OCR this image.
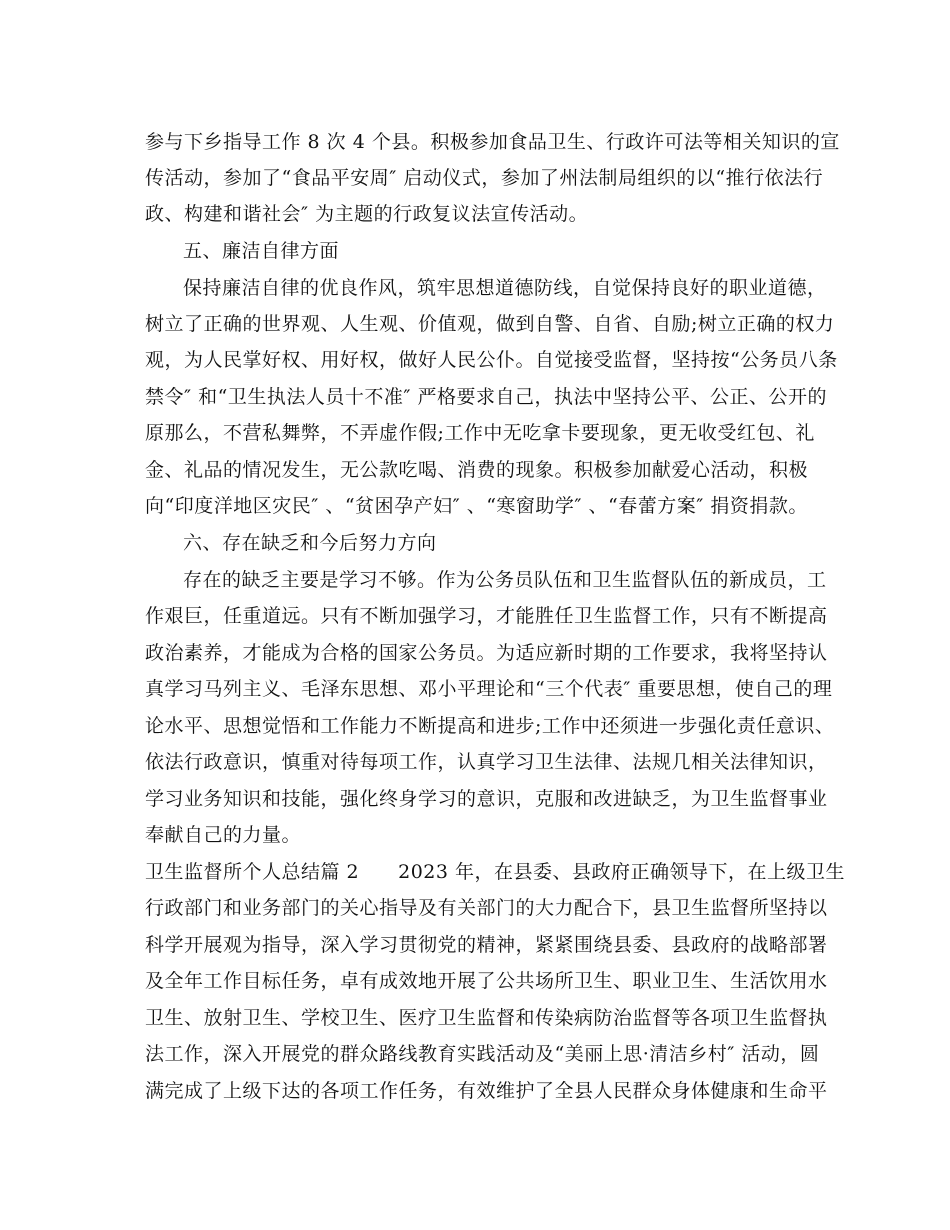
参与下乡指导工作 8 次 4 个县。积极参加食品卫生、行政许可法等相关知识的宣
传活动，参加了“食品平安周″ 启动仪式，参加了州法制局组织的以“推行依法行
政、构建和谐社会″ 为主题的行政复议法宣传活动。
五、廉洁自律方面
保持廉洁自律的优良作风，筑牢思想道德防线，自觉保持良好的职业道德，
树立了正确的世界观、人生观、价值观，做到自警、自省、自励;树立正确的权力
观，为人民掌好权、用好权，做好人民公仆。自觉接受监督，坚持按“公务员八条
禁令″ 和“卫生执法人员十不准″ 严格要求自己，执法中坚持公平、公正、公开的
原那么，不营私舞弊，不弄虚作假;工作中无吃拿卡要现象，更无收受红包、礼
金、礼品的情况发生，无公款吃喝、消费的现象。积极参加献爱心活动，积极
向“印度洋地区灾民″ 、“贫困孕产妇″ 、“寒窗助学″ 、“春蕾方案″ 捐资捐款。
六、存在缺乏和今后努力方向
存在的缺乏主要是学习不够。作为公务员队伍和卫生监督队伍的新成员，工
作艰巨，任重道远。只有不断加强学习，才能胜任卫生监督工作，只有不断提高
政治素养，才能成为合格的国家公务员。为适应新时期的工作要求，我将坚持认
真学习马列主义、毛泽东思想、邓小平理论和“三个代表″ 重要思想，使自己的理
论水平、思想觉悟和工作能力不断提高和进步;工作中还须进一步强化责任意识、
依法行政意识，慎重对待每项工作，认真学习卫生法律、法规几相关法律知识，
学习业务知识和技能，强化终身学习的意识，克服和改进缺乏，为卫生监督事业
奉献自己的力量。
卫生监督所个人总结篇 2　　2023 年，在县委、县政府正确领导下，在上级卫生
行政部门和业务部门的关心指导及有关部门的大力配合下，县卫生监督所坚持以
科学开展观为指导，深入学习贯彻党的精神，紧紧围绕县委、县政府的战略部署
及全年工作目标任务，卓有成效地开展了公共场所卫生、职业卫生、生活饮用水
卫生、放射卫生、学校卫生、医疗卫生监督和传染病防治监督等各项卫生监督执
法工作，深入开展党的群众路线教育实践活动及“美丽上思·清洁乡村″ 活动，圆
满完成了上级下达的各项工作任务，有效维护了全县人民群众身体健康和生命平
